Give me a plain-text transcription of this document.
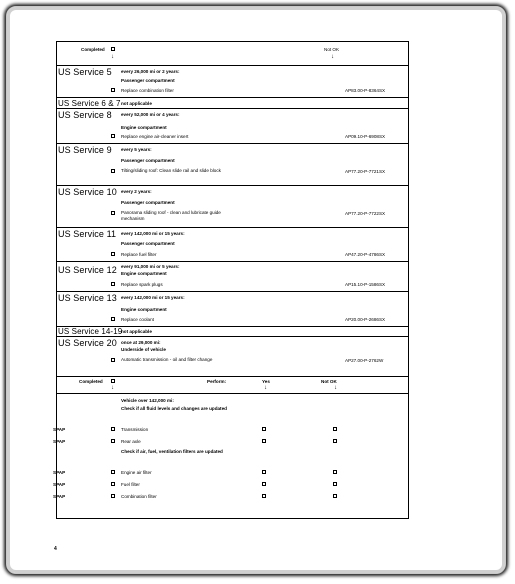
Completed
↓
Not OK
↓
US Service 5 every 26,000 mi or 2 years:
Passenger compartment
Replace combination filter	AP83.00-P-8364SX
US Service 6 & 7 not applicable
US Service 8 every 52,000 mi or 4 years:
Engine compartment
Replace engine air-cleaner insert	AP09.10-P-6908SX
US Service 9 every 5 years:
Passenger compartment
Tilting/sliding roof: Clean slide rail and slide block	AP77.20-P-7721SX
US Service 10 every 2 years:
Passenger compartment
Panorama sliding roof - clean and lubricate guide mechanism
AP77.20-P-7722SX
US Service 11 every 142,000 mi or 15 years:
Passenger compartment
Replace fuel filter	AP47.20-P-4786SX
US Service 12 every 91,000 mi or 5 years:
Engine compartment
Replace spark plugs	AP15.10-P-1586SX
US Service 13 every 142,000 mi or 15 years:
Engine compartment
Replace coolant	AP20.00-P-2686SX
US Service 14-19
not applicable
US Service 20 once at 29,000 mi:
Underside of vehicle
Automatic transmission - oil and filter change	AP27.00-P-2762W
Completed
↓
Perform:	Yes
↓
Not OK
↓
Vehicle over 142,000 mi:
Check if all fluid levels and changes are updated
SPAP	Transmission
SPAP	Rear axle
Check if air, fuel, ventilation filters are updated
SPAP	Engine air filter
SPAP	Fuel filter
SPAP	Combination filter
4
